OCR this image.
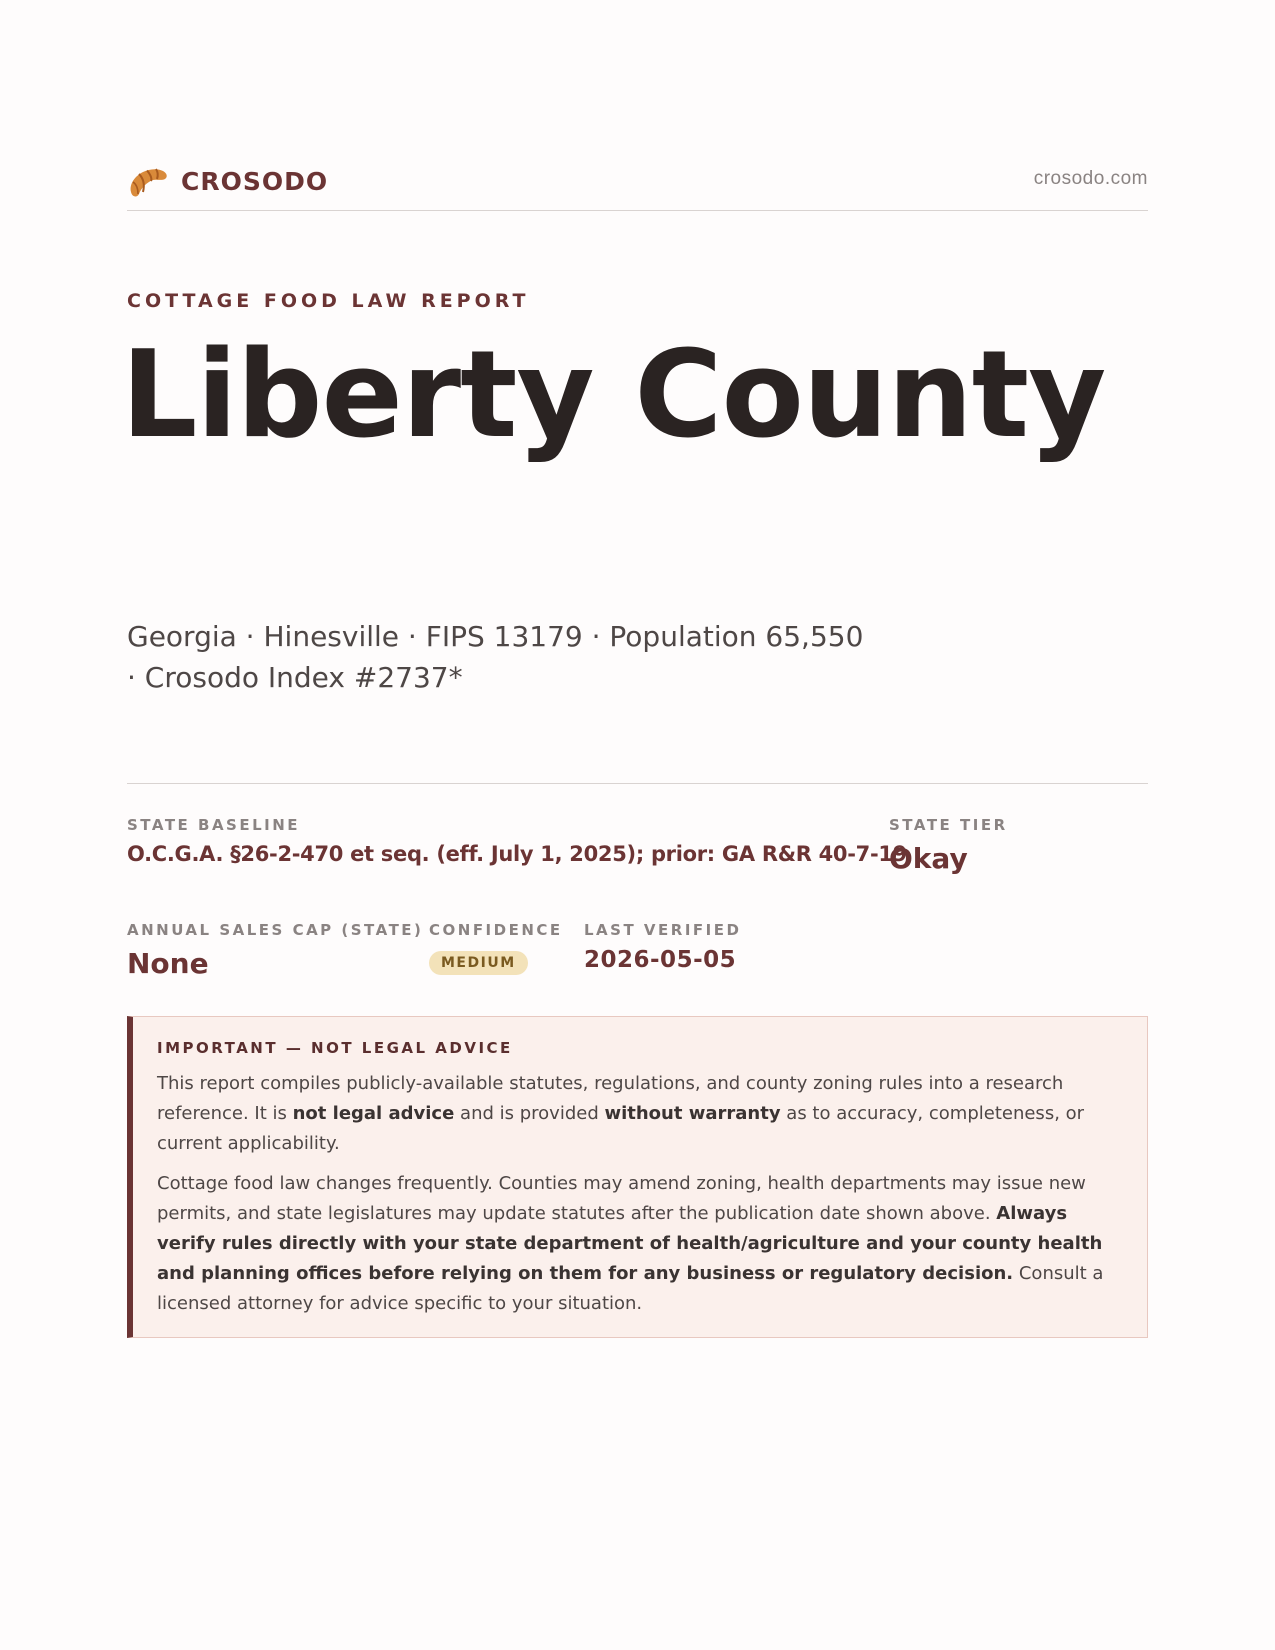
CROSODO	crosodo.com
COTTAGE FOOD LAW REPORT
Liberty County
Georgia · Hinesville · FIPS 13179 · Population 65,550 · Crosodo Index #2737*
STATE BASELINE
O.C.G.A. §26-2-470 et seq. (eff. July 1, 2025); prior: GA R&R 40-7-19
STATE TIER
Okay
ANNUAL SALES CAP (STATE)
None
CONFIDENCE
MEDIUM
LAST VERIFIED
2026-05-05
IMPORTANT — NOT LEGAL ADVICE

This report compiles publicly-available statutes, regulations, and county zoning rules into a research reference. It is not legal advice and is provided without warranty as to accuracy, completeness, or current applicability.

Cottage food law changes frequently. Counties may amend zoning, health departments may issue new permits, and state legislatures may update statutes after the publication date shown above. Always verify rules directly with your state department of health/agriculture and your county health and planning offices before relying on them for any business or regulatory decision. Consult a licensed attorney for advice specific to your situation.
